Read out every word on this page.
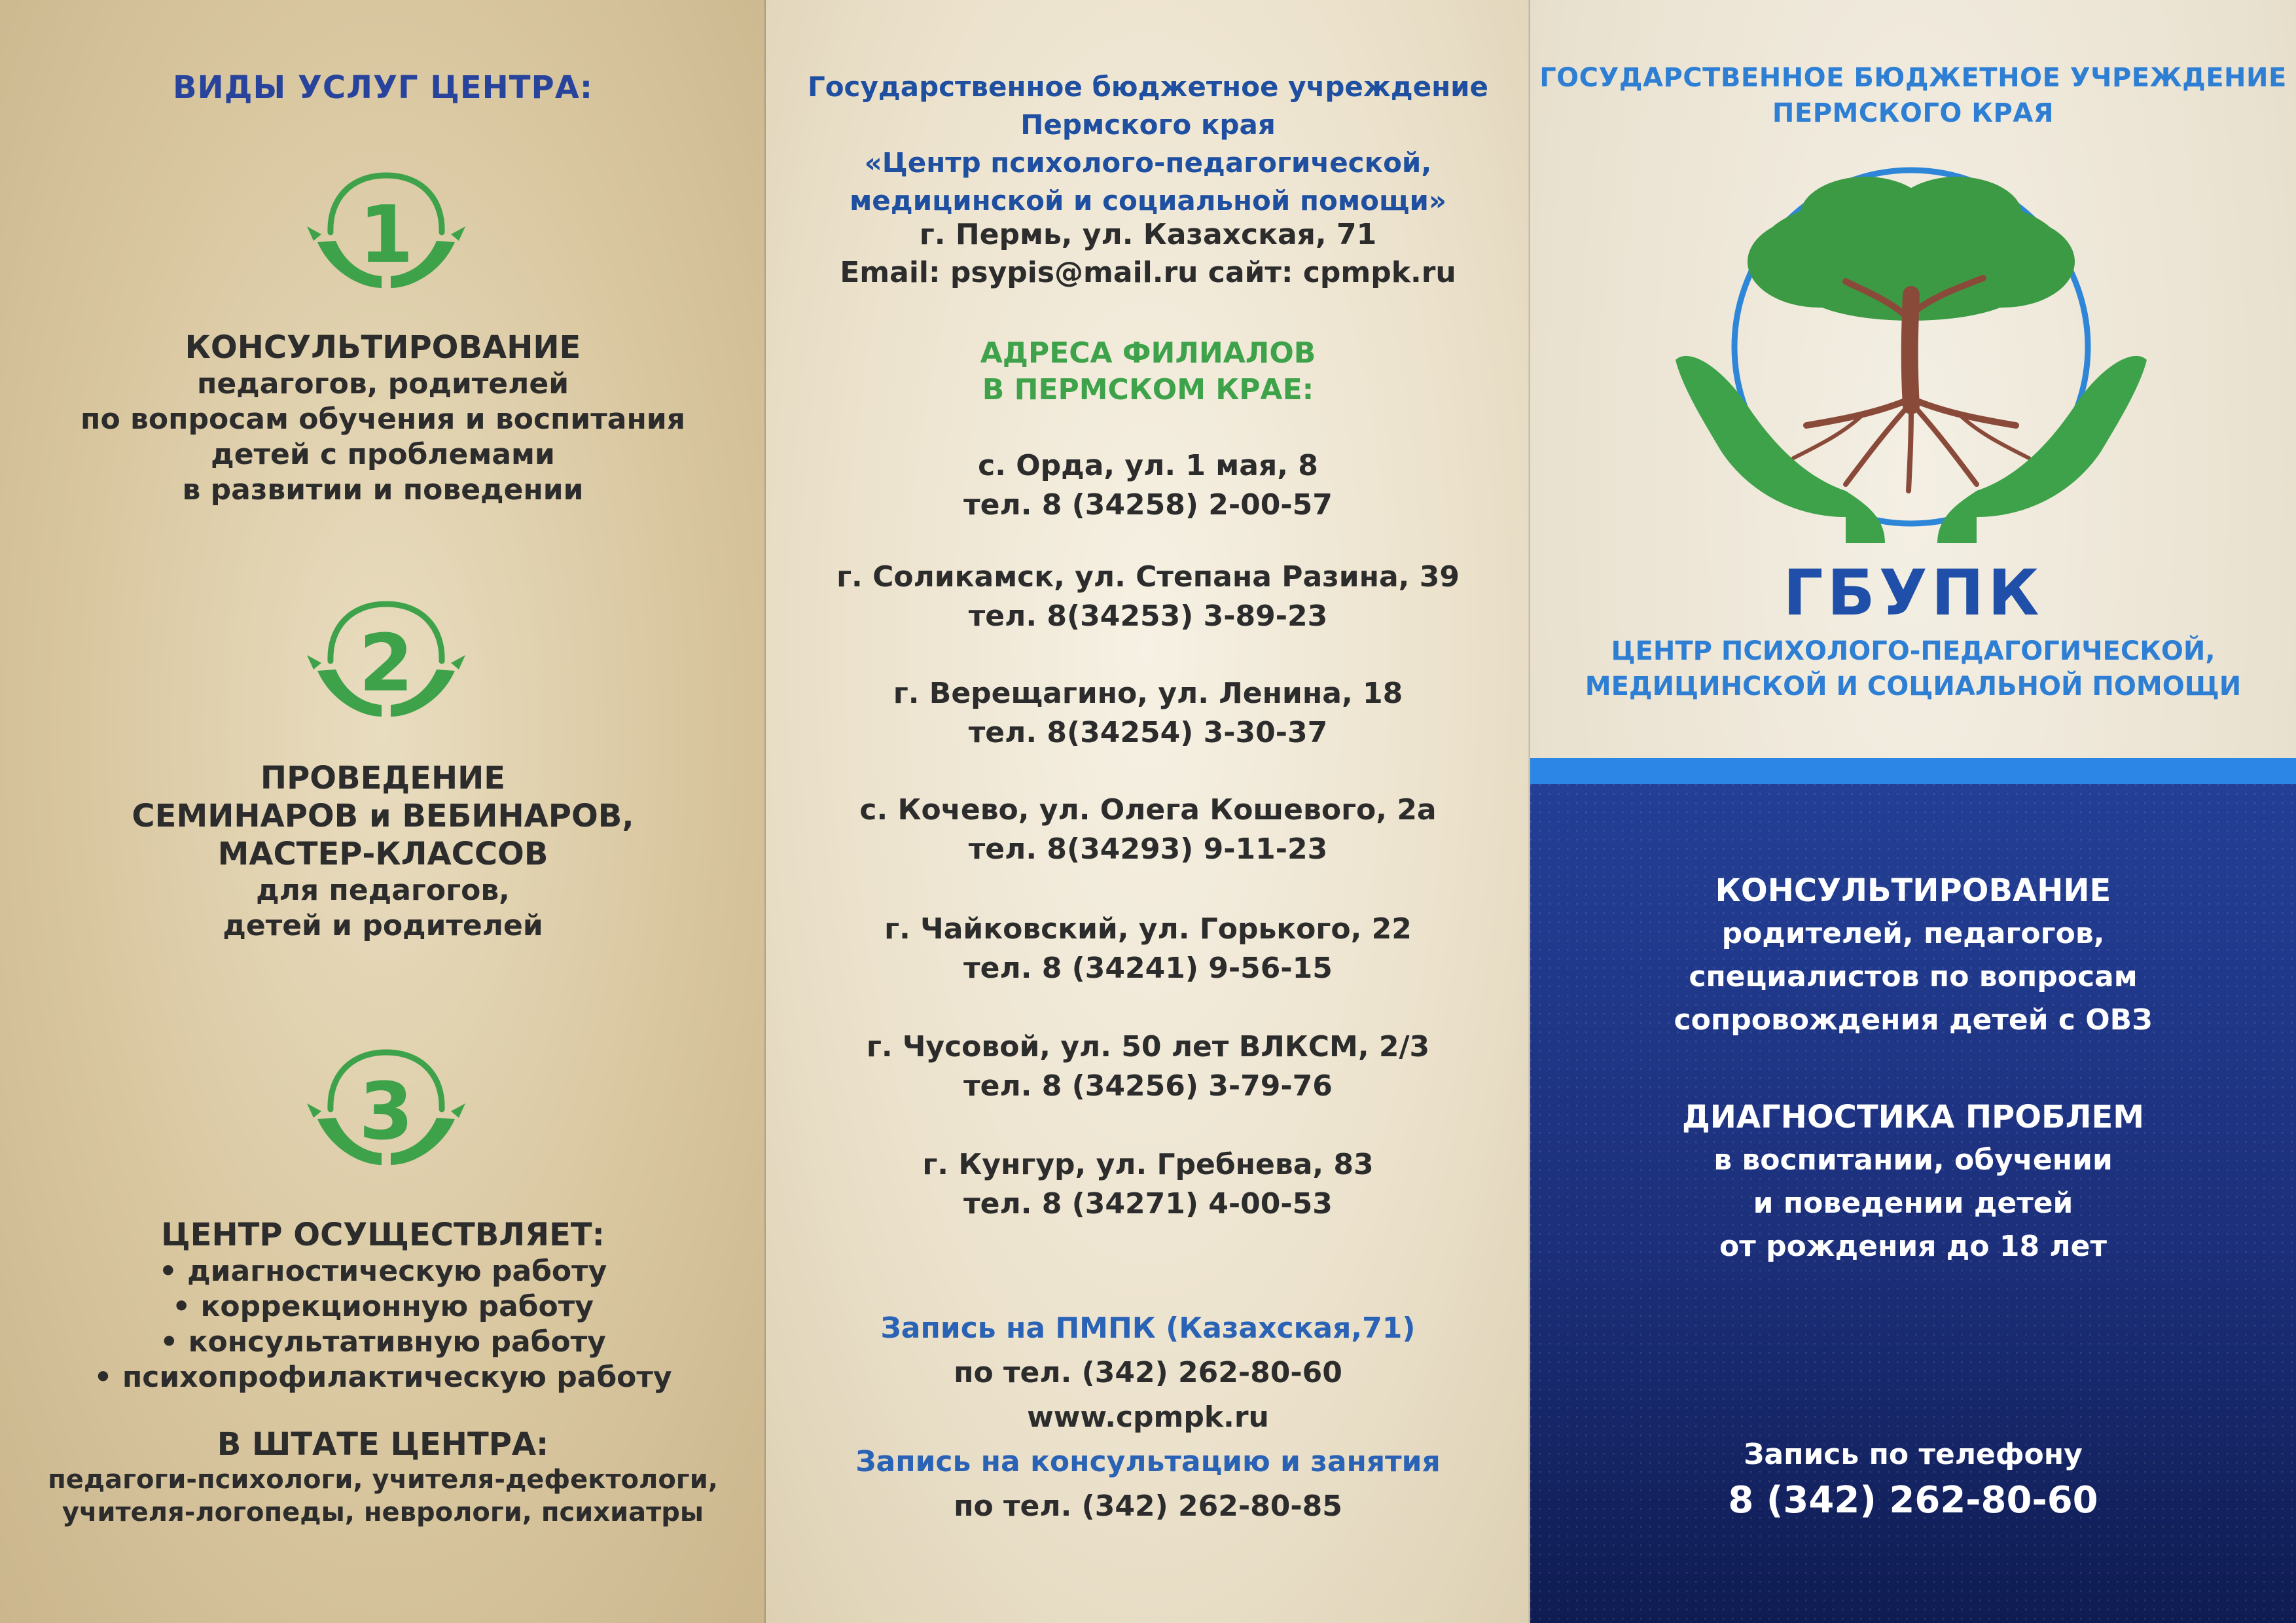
ВИДЫ УСЛУГ ЦЕНТРА:
1
КОНСУЛЬТИРОВАНИЕ
педагогов, родителей
по вопросам обучения и воспитания
детей с проблемами
в развитии и поведении
2
ПРОВЕДЕНИЕ
СЕМИНАРОВ и ВЕБИНАРОВ,
МАСТЕР-КЛАССОВ
для педагогов,
детей и родителей
3
ЦЕНТР ОСУЩЕСТВЛЯЕТ:
• диагностическую работу
• коррекционную работу
• консультативную работу
• психопрофилактическую работу
В ШТАТЕ ЦЕНТРА:
педагоги-психологи, учителя-дефектологи,
учителя-логопеды, неврологи, психиатры
Государственное бюджетное учреждение
Пермского края
«Центр психолого-педагогической,
медицинской и социальной помощи»
г. Пермь, ул. Казахская, 71
Email: psypis@mail.ru сайт: cpmpk.ru
АДРЕСА ФИЛИАЛОВ
В ПЕРМСКОМ КРАЕ:
с. Орда, ул. 1 мая, 8
тел. 8 (34258) 2-00-57
г. Соликамск, ул. Степана Разина, 39
тел. 8(34253) 3-89-23
г. Верещагино, ул. Ленина, 18
тел. 8(34254) 3-30-37
с. Кочево, ул. Олега Кошевого, 2а
тел. 8(34293) 9-11-23
г. Чайковский, ул. Горького, 22
тел. 8 (34241) 9-56-15
г. Чусовой, ул. 50 лет ВЛКСМ, 2/3
тел. 8 (34256) 3-79-76
г. Кунгур, ул. Гребнева, 83
тел. 8 (34271) 4-00-53
Запись на ПМПК (Казахская,71)
по тел. (342) 262-80-60
www.cpmpk.ru
Запись на консультацию и занятия
по тел. (342) 262-80-85
ГОСУДАРСТВЕННОЕ БЮДЖЕТНОЕ УЧРЕЖДЕНИЕ
ПЕРМСКОГО КРАЯ
ГБУПК
ЦЕНТР ПСИХОЛОГО-ПЕДАГОГИЧЕСКОЙ,
МЕДИЦИНСКОЙ И СОЦИАЛЬНОЙ ПОМОЩИ
КОНСУЛЬТИРОВАНИЕ
родителей, педагогов,
специалистов по вопросам
сопровождения детей с ОВЗ
ДИАГНОСТИКА ПРОБЛЕМ
в воспитании, обучении
и поведении детей
от рождения до 18 лет
Запись по телефону
8 (342) 262-80-60
